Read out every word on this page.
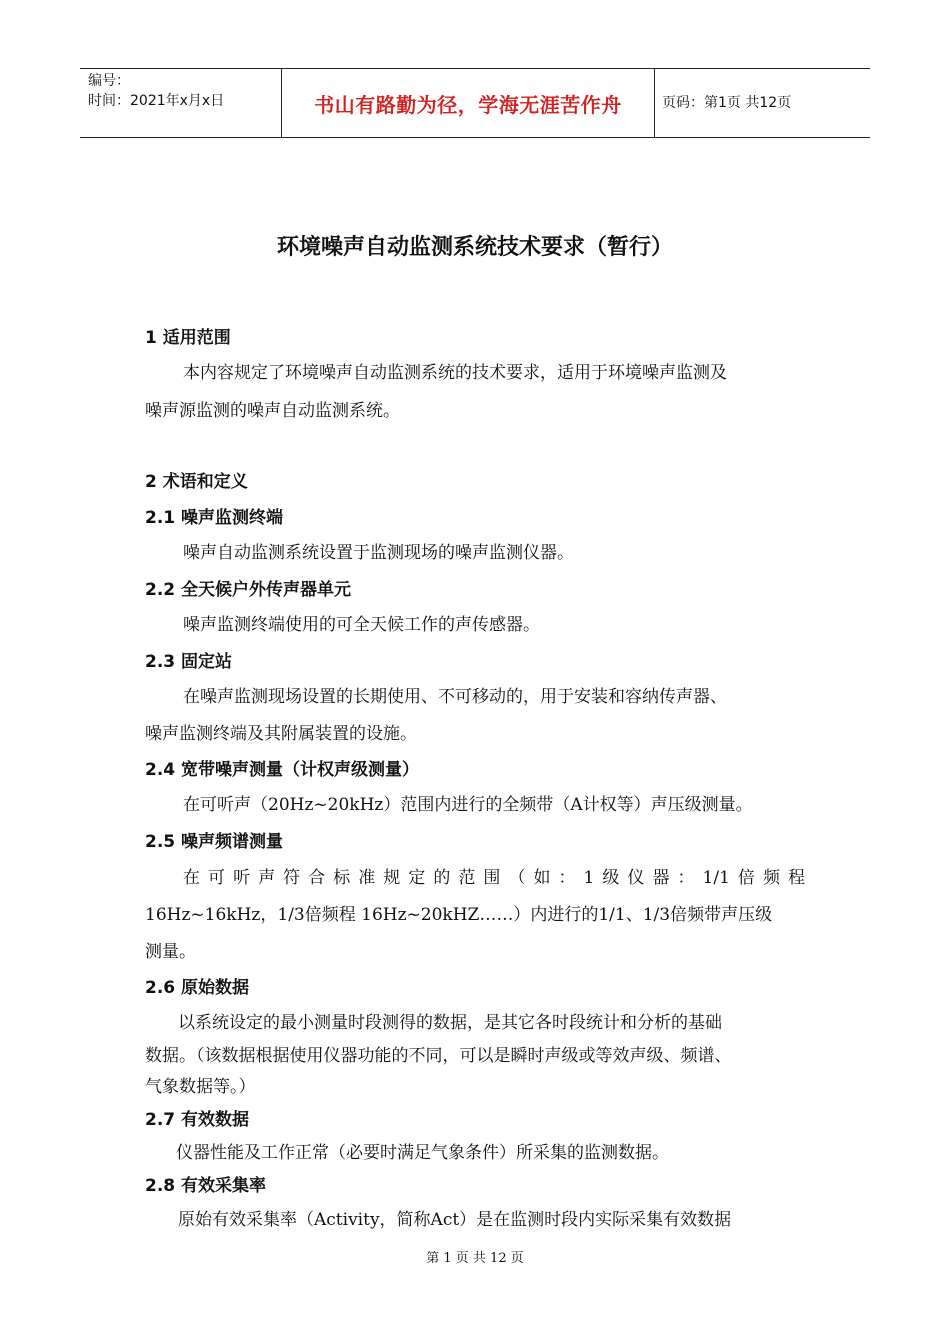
编号：
时间：2021年x月x日	书山有路勤为径，学海无涯苦作舟	页码：第1页 共12页
环境噪声自动监测系统技术要求（暂行）
1 适用范围
本内容规定了环境噪声自动监测系统的技术要求，适用于环境噪声监测及
噪声源监测的噪声自动监测系统。
2 术语和定义
2.1 噪声监测终端
噪声自动监测系统设置于监测现场的噪声监测仪器。
2.2 全天候户外传声器单元
噪声监测终端使用的可全天候工作的声传感器。
2.3 固定站
在噪声监测现场设置的长期使用、不可移动的，用于安装和容纳传声器、
噪声监测终端及其附属装置的设施。
2.4 宽带噪声测量（计权声级测量）
在可听声（20Hz~20kHz）范围内进行的全频带（A计权等）声压级测量。
2.5 噪声频谱测量
在可听声符合标准规定的范围（如：1级仪器：1/1倍频程
16Hz~16kHz，1/3倍频程 16Hz~20kHZ……）内进行的1/1、1/3倍频带声压级
测量。
2.6 原始数据
以系统设定的最小测量时段测得的数据，是其它各时段统计和分析的基础
数据。（该数据根据使用仪器功能的不同，可以是瞬时声级或等效声级、频谱、
气象数据等。）
2.7 有效数据
仪器性能及工作正常（必要时满足气象条件）所采集的监测数据。
2.8 有效采集率
原始有效采集率（Activity，简称Act）是在监测时段内实际采集有效数据
第 1 页 共 12 页
